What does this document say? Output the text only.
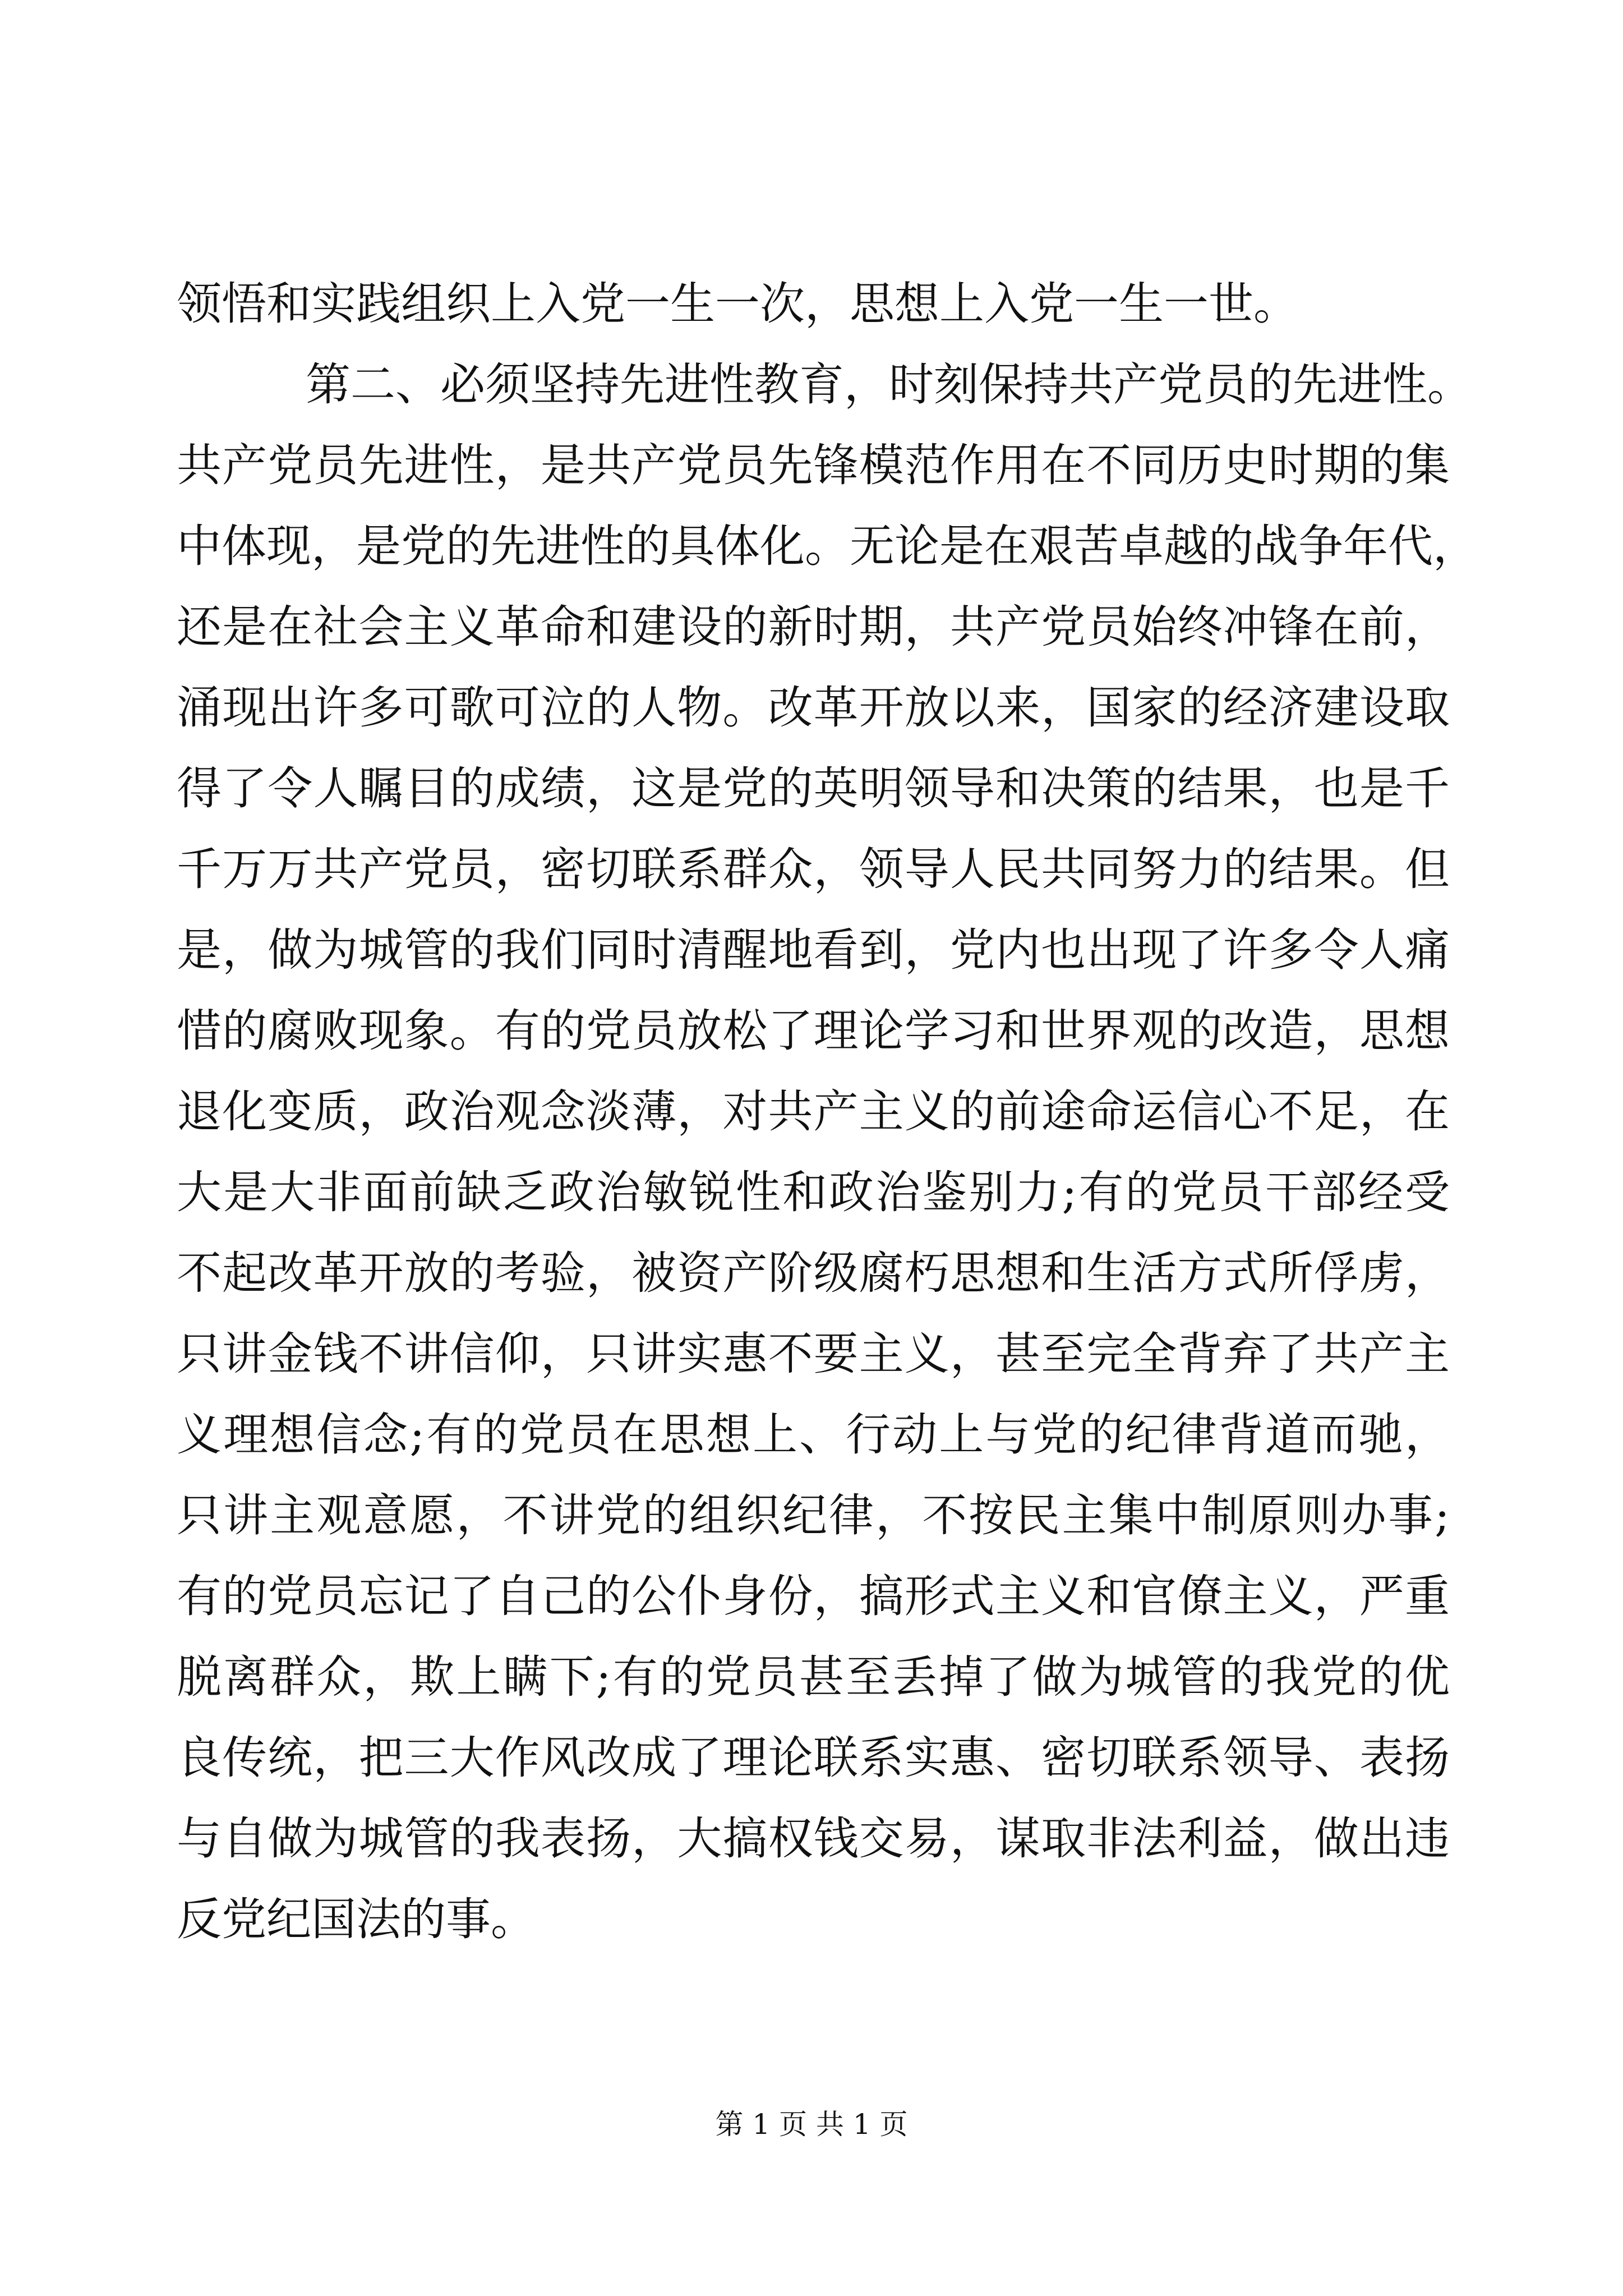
领悟和实践组织上入党一生一次，思想上入党一生一世。
第二、必须坚持先进性教育，时刻保持共产党员的先进性。
共产党员先进性，是共产党员先锋模范作用在不同历史时期的集
中体现，是党的先进性的具体化。无论是在艰苦卓越的战争年代，
还是在社会主义革命和建设的新时期，共产党员始终冲锋在前，
涌现出许多可歌可泣的人物。改革开放以来，国家的经济建设取
得了令人瞩目的成绩，这是党的英明领导和决策的结果，也是千
千万万共产党员，密切联系群众，领导人民共同努力的结果。但
是，做为城管的我们同时清醒地看到，党内也出现了许多令人痛
惜的腐败现象。有的党员放松了理论学习和世界观的改造，思想
退化变质，政治观念淡薄，对共产主义的前途命运信心不足，在
大是大非面前缺乏政治敏锐性和政治鉴别力;有的党员干部经受
不起改革开放的考验，被资产阶级腐朽思想和生活方式所俘虏，
只讲金钱不讲信仰，只讲实惠不要主义，甚至完全背弃了共产主
义理想信念;有的党员在思想上、行动上与党的纪律背道而驰，
只讲主观意愿，不讲党的组织纪律，不按民主集中制原则办事;
有的党员忘记了自己的公仆身份，搞形式主义和官僚主义，严重
脱离群众，欺上瞒下;有的党员甚至丢掉了做为城管的我党的优
良传统，把三大作风改成了理论联系实惠、密切联系领导、表扬
与自做为城管的我表扬，大搞权钱交易，谋取非法利益，做出违
反党纪国法的事。
第 1 页 共 1 页
